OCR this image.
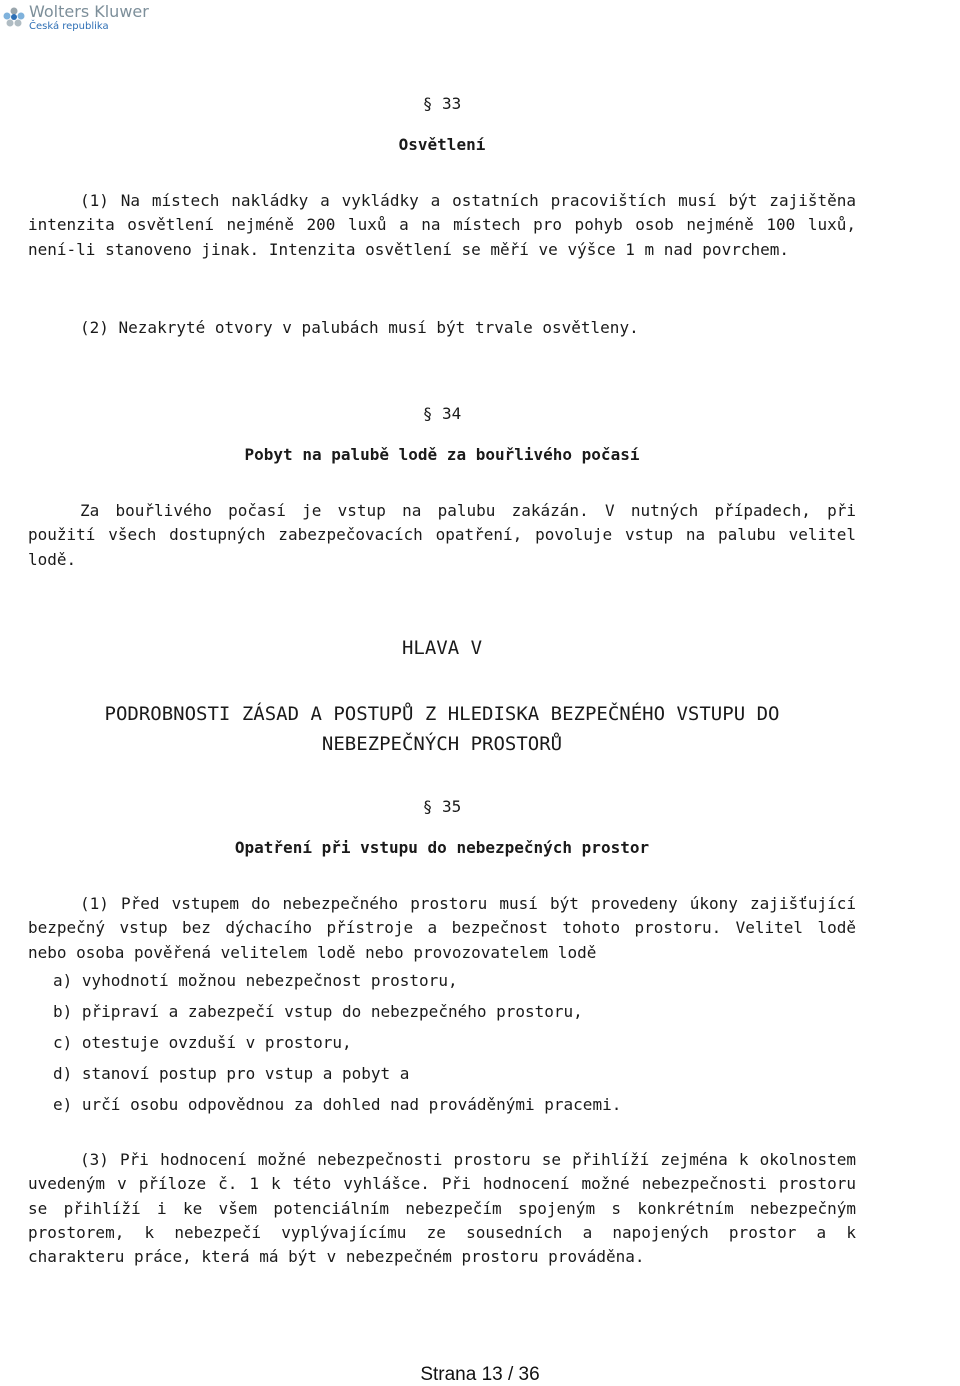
Wolters Kluwer
Česká republika
§ 33
Osvětlení

(1) Na místech nakládky a vykládky a ostatních pracovištích musí být zajištěna intenzita osvětlení nejméně 200 luxů a na místech pro pohyb osob nejméně 100 luxů, není-li stanoveno jinak. Intenzita osvětlení se měří ve výšce 1 m nad povrchem.

(2) Nezakryté otvory v palubách musí být trvale osvětleny.

§ 34
Pobyt na palubě lodě za bouřlivého počasí

Za bouřlivého počasí je vstup na palubu zakázán. V nutných případech, při použití všech dostupných zabezpečovacích opatření, povoluje vstup na palubu velitel lodě.

HLAVA V
PODROBNOSTI ZÁSAD A POSTUPŮ Z HLEDISKA BEZPEČNÉHO VSTUPU DO
NEBEZPEČNÝCH PROSTORŮ
§ 35
Opatření při vstupu do nebezpečných prostor

(1) Před vstupem do nebezpečného prostoru musí být provedeny úkony zajišťující bezpečný vstup bez dýchacího přístroje a bezpečnost tohoto prostoru. Velitel lodě nebo osoba pověřená velitelem lodě nebo provozovatelem lodě

a) vyhodnotí možnou nebezpečnost prostoru,
b) připraví a zabezpečí vstup do nebezpečného prostoru,
c) otestuje ovzduší v prostoru,
d) stanoví postup pro vstup a pobyt a
e) určí osobu odpovědnou za dohled nad prováděnými pracemi.

(3) Při hodnocení možné nebezpečnosti prostoru se přihlíží zejména k okolnostem uvedeným v příloze č. 1 k této vyhlášce. Při hodnocení možné nebezpečnosti prostoru se přihlíží i ke všem potenciálním nebezpečím spojeným s konkrétním nebezpečným prostorem, k nebezpečí vyplývajícímu ze sousedních a napojených prostor a k charakteru práce, která má být v nebezpečném prostoru prováděna.

Strana 13 / 36
